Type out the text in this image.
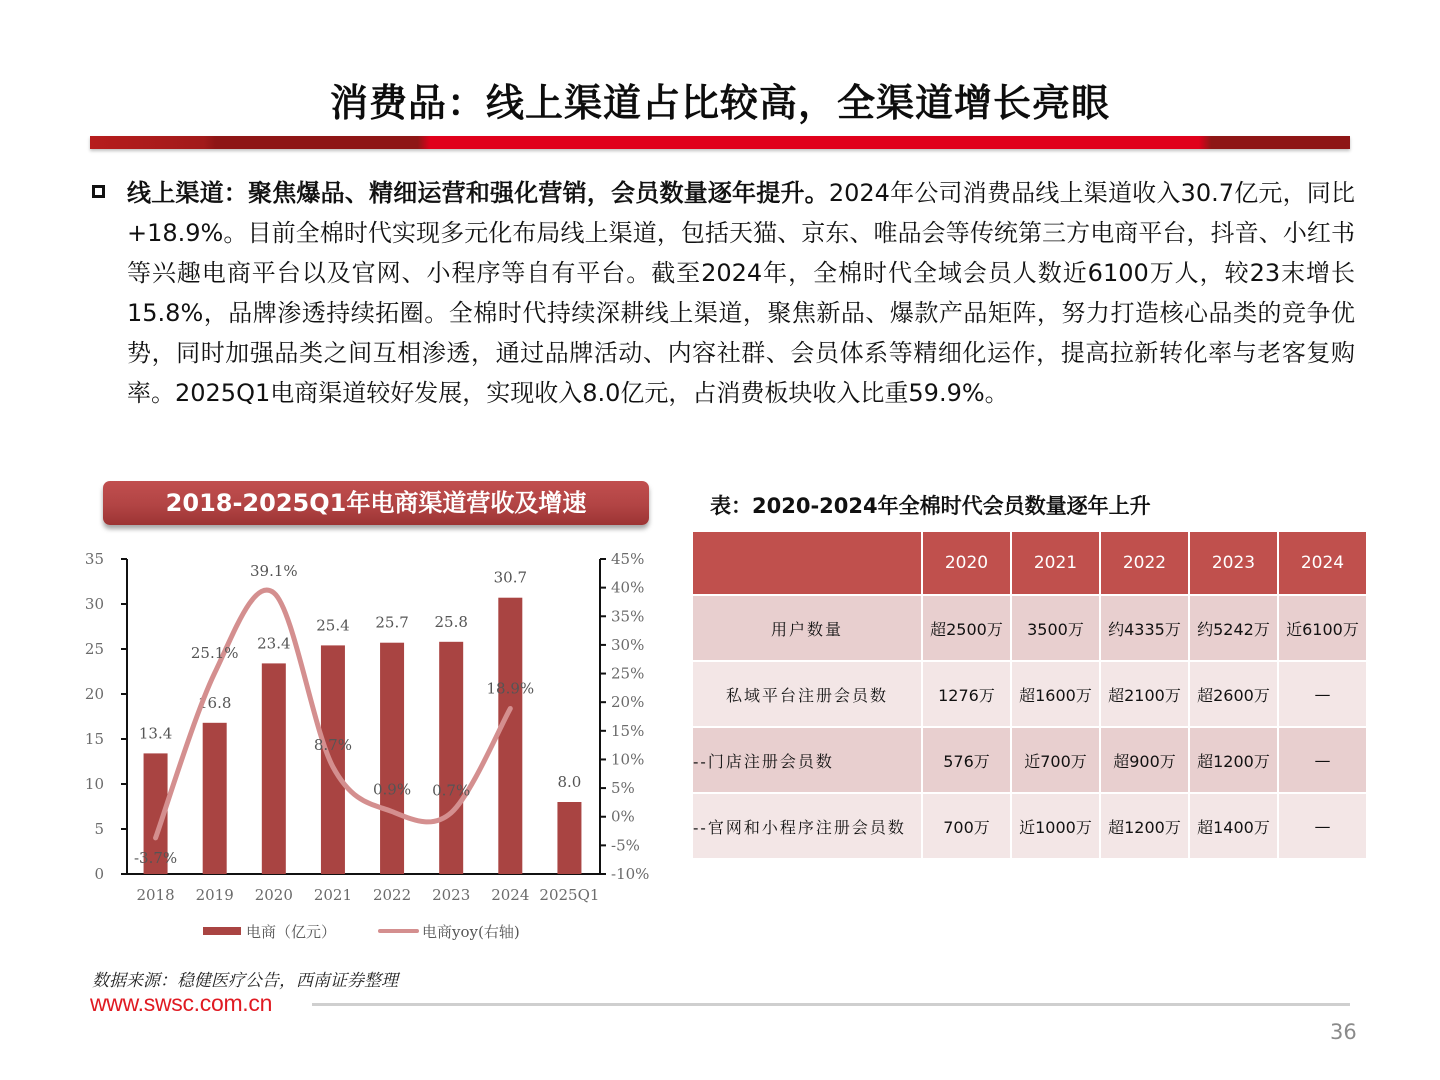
消费品：线上渠道占比较高，全渠道增长亮眼
线上渠道：聚焦爆品、精细运营和强化营销，会员数量逐年提升。2024年公司消费品线上渠道收入30.7亿元，同比+18.9%。目前全棉时代实现多元化布局线上渠道，包括天猫、京东、唯品会等传统第三方电商平台，抖音、小红书等兴趣电商平台以及官网、小程序等自有平台。截至2024年，全棉时代全域会员人数近6100万人，较23末增长15.8%，品牌渗透持续拓圈。全棉时代持续深耕线上渠道，聚焦新品、爆款产品矩阵，努力打造核心品类的竞争优势，同时加强品类之间互相渗透，通过品牌活动、内容社群、会员体系等精细化运作，提高拉新转化率与老客复购率。2025Q1电商渠道较好发展，实现收入8.0亿元，占消费板块收入比重59.9%。
2018-2025Q1年电商渠道营收及增速
0
5
10
15
20
25
30
35
-10%
-5%
0%
5%
10%
15%
20%
25%
30%
35%
40%
45%
13.4
2018
16.8
2019
23.4
2020
25.4
2021
25.7
2022
25.8
2023
30.7
2024
8.0
2025Q1
-3.7%
25.1%
39.1%
8.7%
0.9% 0.7%
18.9%
电商（亿元）	电商yoy(右轴)
数据来源：稳健医疗公告，西南证券整理
www.swsc.com.cn
36
表：2020-2024年全棉时代会员数量逐年上升
	2020	2021	2022	2023	2024
用户数量	超2500万	3500万	约4335万	约5242万	近6100万
私域平台注册会员数	1276万	超1600万	超2100万	超2600万	—
--门店注册会员数	576万	近700万	超900万	超1200万	—
--官网和小程序注册会员数	700万	近1000万	超1200万	超1400万	—
